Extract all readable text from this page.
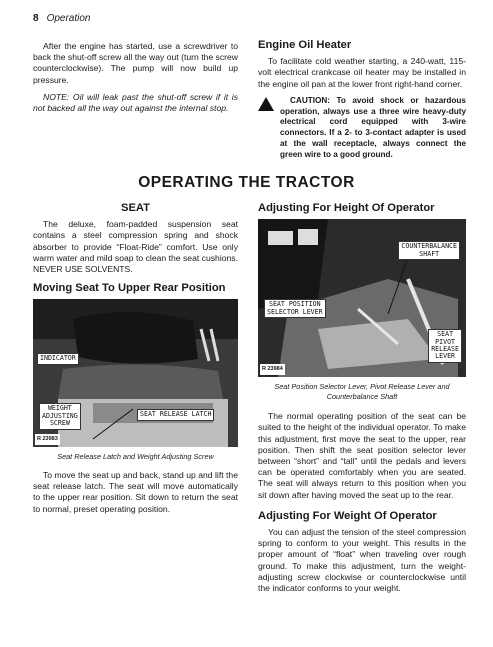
8 Operation

After the engine has started, use a screwdriver to back the shut-off screw all the way out (turn the screw counterclockwise). The pump will now build up pressure.

NOTE: Oil will leak past the shut-off screw if it is not backed all the way out against the internal stop.

Engine Oil Heater

To facilitate cold weather starting, a 240-watt, 115-volt electrical crankcase oil heater may be installed in the engine oil pan at the lower front right-hand corner.

! CAUTION: To avoid shock or hazardous operation, always use a three wire heavy-duty electrical cord equipped with 3-wire connectors. If a 2- to 3-contact adapter is used at the wall receptacle, always connect the green wire to a good ground.

OPERATING THE TRACTOR
SEAT

The deluxe, foam-padded suspension seat contains a steel compression spring and shock absorber to provide “Float-Ride” comfort. Use only warm water and mild soap to clean the seat cushions. NEVER USE SOLVENTS.

Moving Seat To Upper Rear Position
INDICATOR
WEIGHT
ADJUSTING
SCREW
SEAT RELEASE LATCH
R 23983
Seat Release Latch and Weight Adjusting Screw

To move the seat up and back, stand up and lift the seat release latch. The seat will move automatically to the upper rear position. Sit down to return the seat to normal, preset operating position.

Adjusting For Height Of Operator
COUNTERBALANCE
SHAFT
SEAT POSITION
SELECTOR LEVER
SEAT
PIVOT
RELEASE
LEVER
R 23984
Seat Position Selector Lever, Pivot Release Lever and Counterbalance Shaft

The normal operating position of the seat can be suited to the height of the individual operator. To make this adjustment, first move the seat to the upper, rear position. Then shift the seat position selector lever between “short” and “tall” until the pedals and levers can be operated comfortably when you are seated. The seat will always return to this position when you sit down after having moved the seat up to the rear.

Adjusting For Weight Of Operator

You can adjust the tension of the steel compression spring to conform to your weight. This results in the proper amount of “float” when traveling over rough ground. To make this adjustment, turn the weight-adjusting screw clockwise or counterclockwise until the indicator conforms to your weight.
